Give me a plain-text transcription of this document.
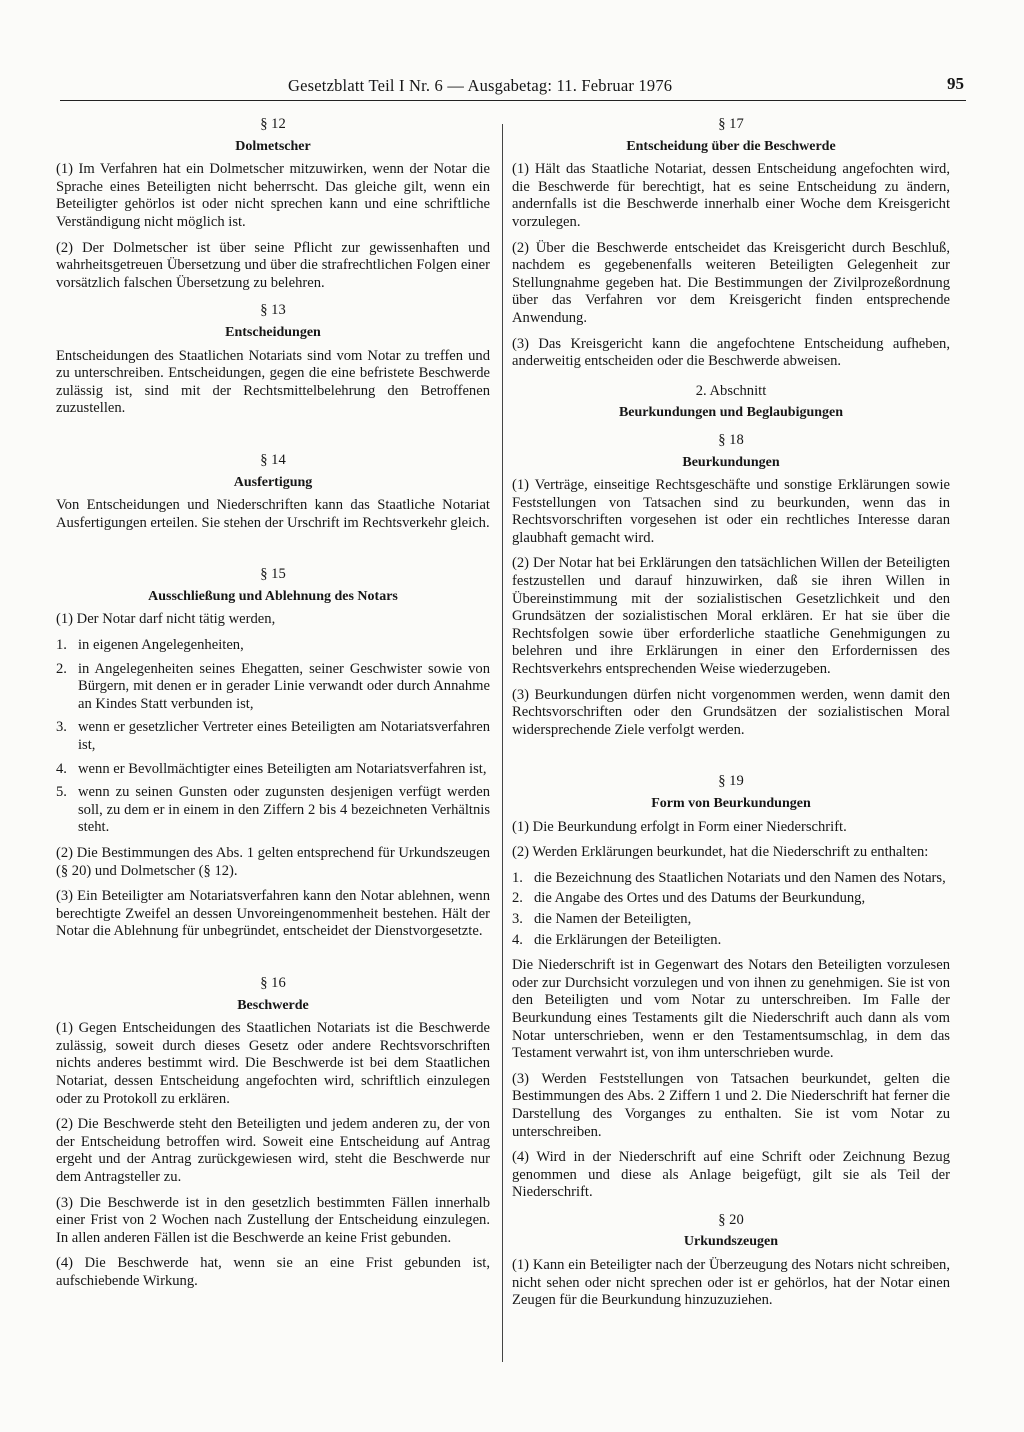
Gesetzblatt Teil I Nr. 6 — Ausgabetag: 11. Februar 1976	95
§ 12
Dolmetscher

(1) Im Verfahren hat ein Dolmetscher mitzuwirken, wenn der Notar die Sprache eines Beteiligten nicht beherrscht. Das gleiche gilt, wenn ein Beteiligter gehörlos ist oder nicht sprechen kann und eine schriftliche Verständigung nicht möglich ist.

(2) Der Dolmetscher ist über seine Pflicht zur gewissenhaften und wahrheitsgetreuen Übersetzung und über die strafrechtlichen Folgen einer vorsätzlich falschen Übersetzung zu belehren.

§ 13
Entscheidungen

Entscheidungen des Staatlichen Notariats sind vom Notar zu treffen und zu unterschreiben. Entscheidungen, gegen die eine befristete Beschwerde zulässig ist, sind mit der Rechtsmittelbelehrung den Betroffenen zuzustellen.

§ 14
Ausfertigung

Von Entscheidungen und Niederschriften kann das Staatliche Notariat Ausfertigungen erteilen. Sie stehen der Urschrift im Rechtsverkehr gleich.

§ 15
Ausschließung und Ablehnung des Notars

(1) Der Notar darf nicht tätig werden,

1. in eigenen Angelegenheiten,
2. in Angelegenheiten seines Ehegatten, seiner Geschwister sowie von Bürgern, mit denen er in gerader Linie verwandt oder durch Annahme an Kindes Statt verbunden ist,
3. wenn er gesetzlicher Vertreter eines Beteiligten am Notariatsverfahren ist,
4. wenn er Bevollmächtigter eines Beteiligten am Notariatsverfahren ist,
5. wenn zu seinen Gunsten oder zugunsten desjenigen verfügt werden soll, zu dem er in einem in den Ziffern 2 bis 4 bezeichneten Verhältnis steht.

(2) Die Bestimmungen des Abs. 1 gelten entsprechend für Urkundszeugen (§ 20) und Dolmetscher (§ 12).

(3) Ein Beteiligter am Notariatsverfahren kann den Notar ablehnen, wenn berechtigte Zweifel an dessen Unvoreingenommenheit bestehen. Hält der Notar die Ablehnung für unbegründet, entscheidet der Dienstvorgesetzte.

§ 16
Beschwerde

(1) Gegen Entscheidungen des Staatlichen Notariats ist die Beschwerde zulässig, soweit durch dieses Gesetz oder andere Rechtsvorschriften nichts anderes bestimmt wird. Die Beschwerde ist bei dem Staatlichen Notariat, dessen Entscheidung angefochten wird, schriftlich einzulegen oder zu Protokoll zu erklären.

(2) Die Beschwerde steht den Beteiligten und jedem anderen zu, der von der Entscheidung betroffen wird. Soweit eine Entscheidung auf Antrag ergeht und der Antrag zurückgewiesen wird, steht die Beschwerde nur dem Antragsteller zu.

(3) Die Beschwerde ist in den gesetzlich bestimmten Fällen innerhalb einer Frist von 2 Wochen nach Zustellung der Entscheidung einzulegen. In allen anderen Fällen ist die Beschwerde an keine Frist gebunden.

(4) Die Beschwerde hat, wenn sie an eine Frist gebunden ist, aufschiebende Wirkung.

§ 17
Entscheidung über die Beschwerde

(1) Hält das Staatliche Notariat, dessen Entscheidung angefochten wird, die Beschwerde für berechtigt, hat es seine Entscheidung zu ändern, andernfalls ist die Beschwerde innerhalb einer Woche dem Kreisgericht vorzulegen.

(2) Über die Beschwerde entscheidet das Kreisgericht durch Beschluß, nachdem es gegebenenfalls weiteren Beteiligten Gelegenheit zur Stellungnahme gegeben hat. Die Bestimmungen der Zivilprozeßordnung über das Verfahren vor dem Kreisgericht finden entsprechende Anwendung.

(3) Das Kreisgericht kann die angefochtene Entscheidung aufheben, anderweitig entscheiden oder die Beschwerde abweisen.

2. Abschnitt
Beurkundungen und Beglaubigungen
§ 18
Beurkundungen

(1) Verträge, einseitige Rechtsgeschäfte und sonstige Erklärungen sowie Feststellungen von Tatsachen sind zu beurkunden, wenn das in Rechtsvorschriften vorgesehen ist oder ein rechtliches Interesse daran glaubhaft gemacht wird.

(2) Der Notar hat bei Erklärungen den tatsächlichen Willen der Beteiligten festzustellen und darauf hinzuwirken, daß sie ihren Willen in Übereinstimmung mit der sozialistischen Gesetzlichkeit und den Grundsätzen der sozialistischen Moral erklären. Er hat sie über die Rechtsfolgen sowie über erforderliche staatliche Genehmigungen zu belehren und ihre Erklärungen in einer den Erfordernissen des Rechtsverkehrs entsprechenden Weise wiederzugeben.

(3) Beurkundungen dürfen nicht vorgenommen werden, wenn damit den Rechtsvorschriften oder den Grundsätzen der sozialistischen Moral widersprechende Ziele verfolgt werden.

§ 19
Form von Beurkundungen

(1) Die Beurkundung erfolgt in Form einer Niederschrift.

(2) Werden Erklärungen beurkundet, hat die Niederschrift zu enthalten:

1. die Bezeichnung des Staatlichen Notariats und den Namen des Notars,
2. die Angabe des Ortes und des Datums der Beurkundung,
3. die Namen der Beteiligten,
4. die Erklärungen der Beteiligten.

Die Niederschrift ist in Gegenwart des Notars den Beteiligten vorzulesen oder zur Durchsicht vorzulegen und von ihnen zu genehmigen. Sie ist von den Beteiligten und vom Notar zu unterschreiben. Im Falle der Beurkundung eines Testaments gilt die Niederschrift auch dann als vom Notar unterschrieben, wenn er den Testamentsumschlag, in dem das Testament verwahrt ist, von ihm unterschrieben wurde.

(3) Werden Feststellungen von Tatsachen beurkundet, gelten die Bestimmungen des Abs. 2 Ziffern 1 und 2. Die Niederschrift hat ferner die Darstellung des Vorganges zu enthalten. Sie ist vom Notar zu unterschreiben.

(4) Wird in der Niederschrift auf eine Schrift oder Zeichnung Bezug genommen und diese als Anlage beigefügt, gilt sie als Teil der Niederschrift.

§ 20
Urkundszeugen

(1) Kann ein Beteiligter nach der Überzeugung des Notars nicht schreiben, nicht sehen oder nicht sprechen oder ist er gehörlos, hat der Notar einen Zeugen für die Beurkundung hinzuzuziehen.
